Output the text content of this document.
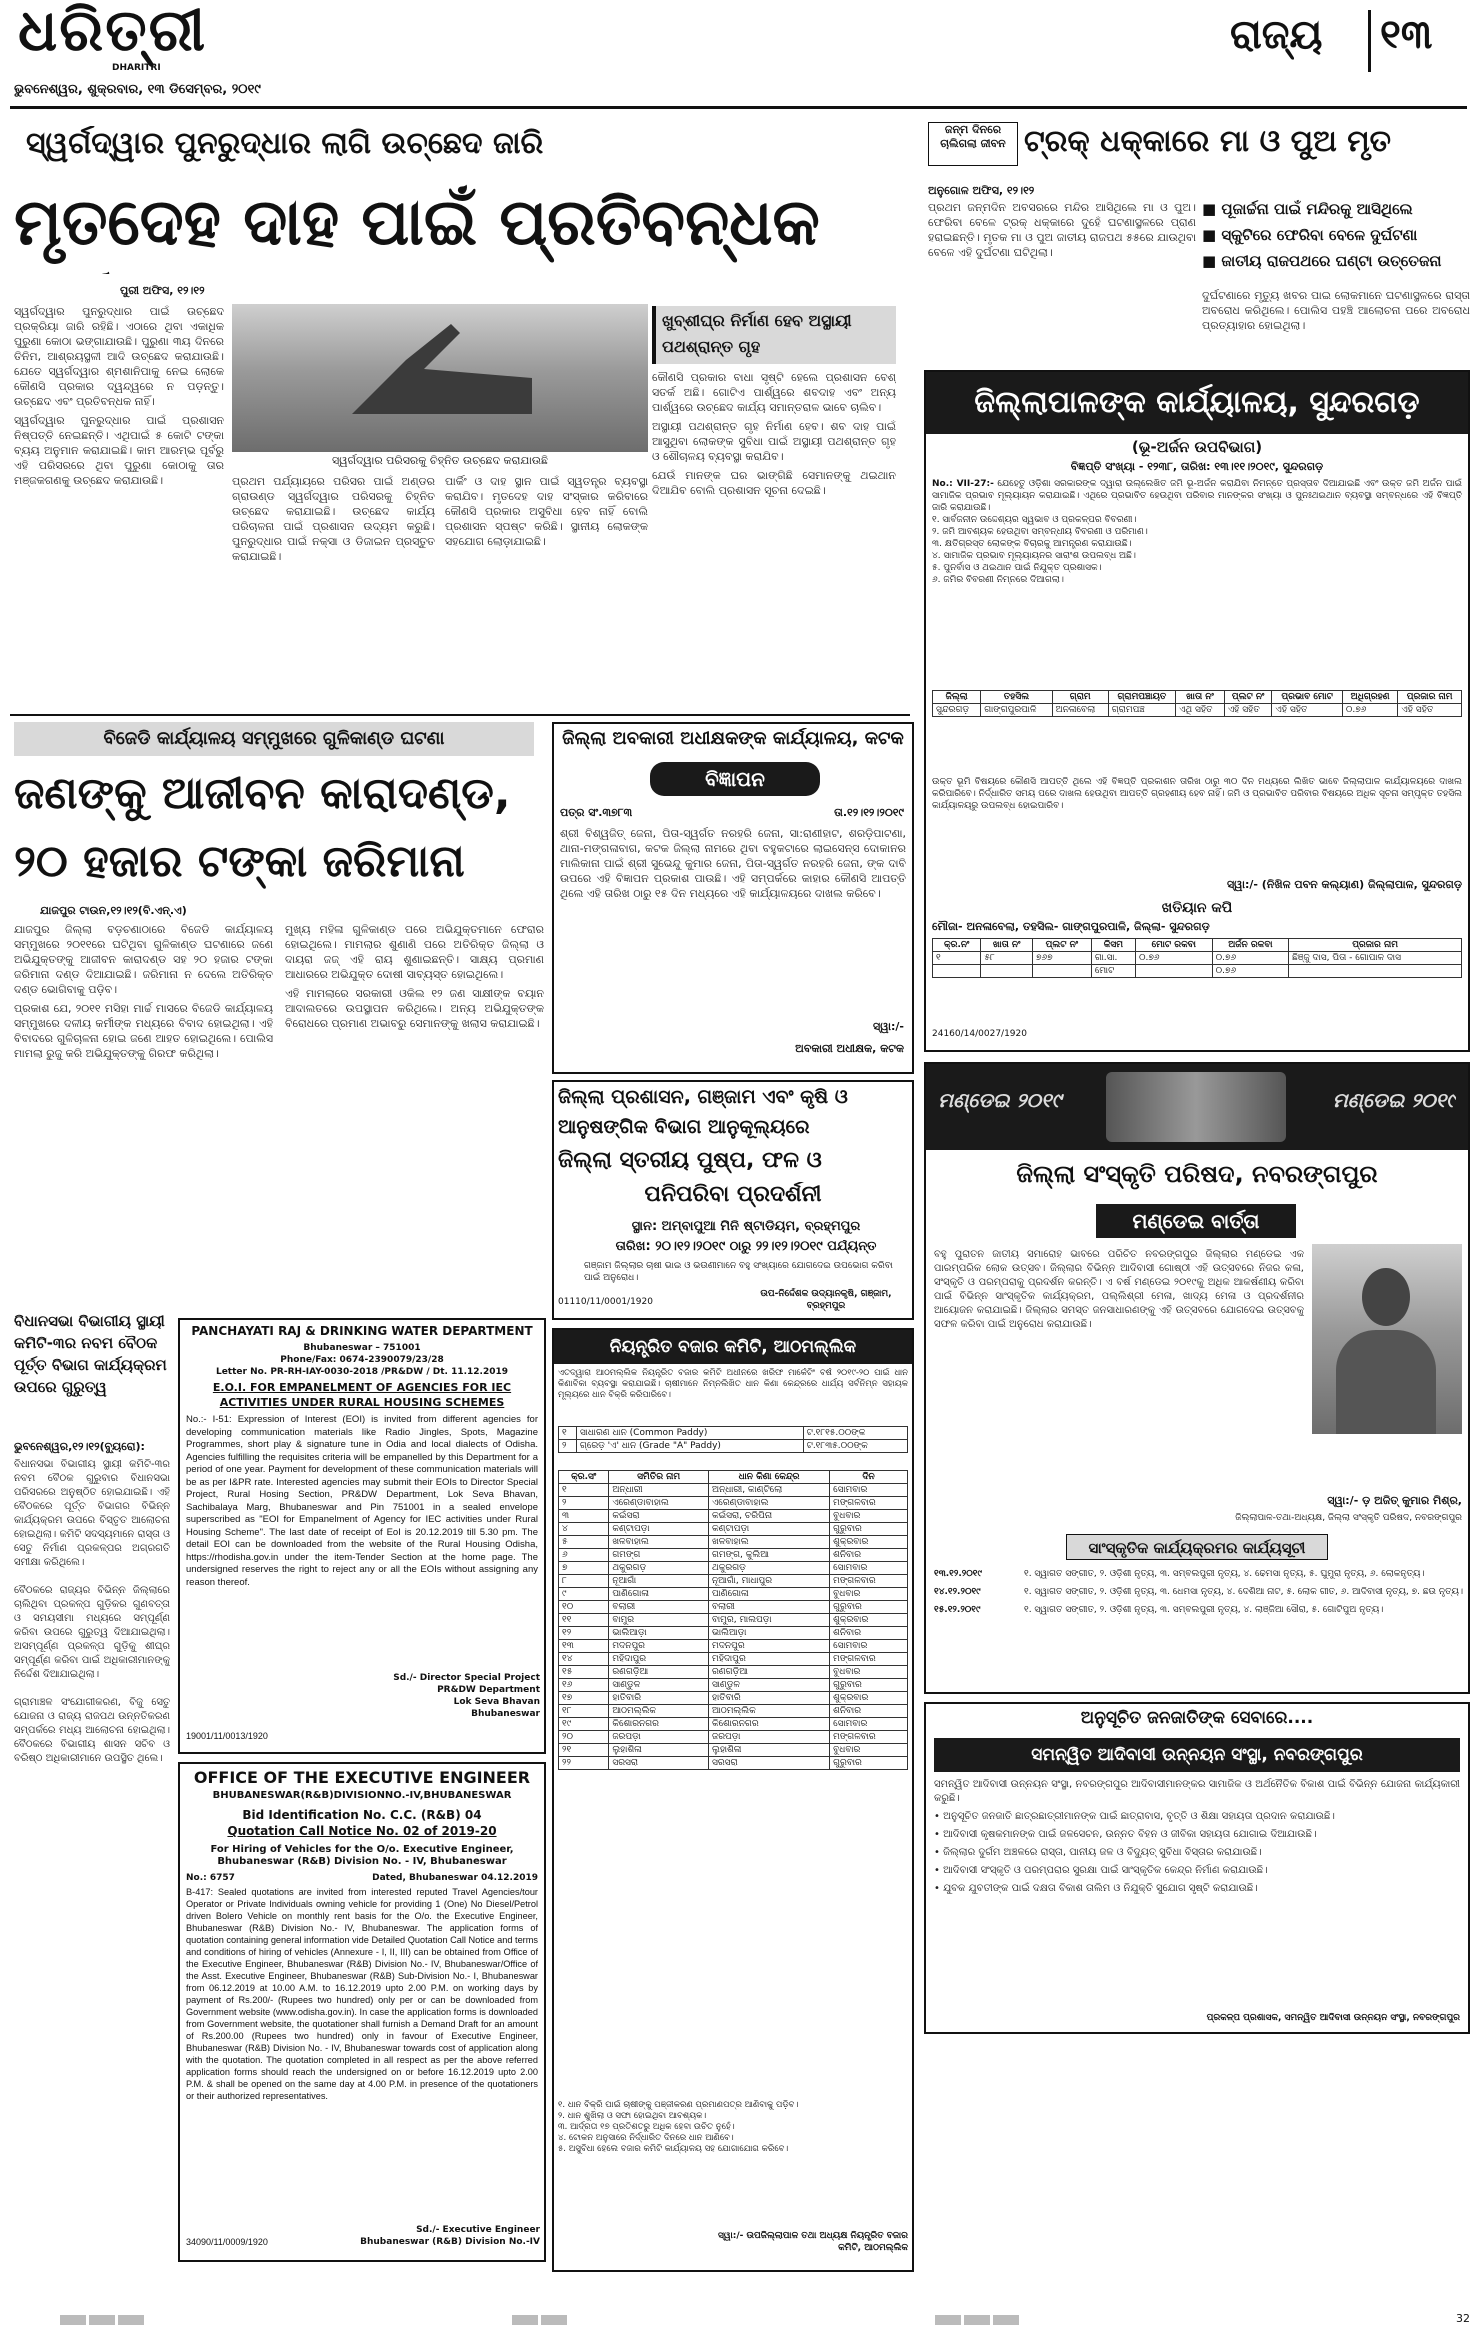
ଧରିତ୍ରୀ
DHARITRI
ଭୁବନେଶ୍ୱର, ଶୁକ୍ରବାର, ୧୩ ଡିସେମ୍ବର, ୨୦୧୯
ରାଜ୍ୟ	୧୩
ସ୍ୱର୍ଗଦ୍ୱାର ପୁନରୁଦ୍ଧାର ଲାଗି ଉଚ୍ଛେଦ ଜାରି
ମୃତଦେହ ଦାହ ପାଇଁ ପ୍ରତିବନ୍ଧକ
ପୁରୀ ଅଫିସ, ୧୨।୧୨

ସ୍ୱର୍ଗଦ୍ୱାର ପୁନରୁଦ୍ଧାର ପାଇଁ ଉଚ୍ଛେଦ ପ୍ରକ୍ରିୟା ଜାରି ରହିଛି। ଏଠାରେ ଥିବା ଏକାଧିକ ପୁରୁଣା କୋଠା ଭଙ୍ଗାଯାଉଛି। ପୁରୁଣା ୩ୟ ଦିନରେ ତିନିମ, ଆଶ୍ରୟସ୍ଥଳୀ ଆଦି ଉଚ୍ଛେଦ କରାଯାଉଛି। ଯେତେ ସ୍ୱର୍ଗଦ୍ୱାର ଶ୍ମଶାନିପାକୁ ନେଇ ଲୋକେ କୌଣସି ପ୍ରକାର ଦ୍ୱନ୍ଦ୍ୱରେ ନ ପଡ଼ନ୍ତୁ। ଉଚ୍ଛେଦ ଏବଂ ପ୍ରତିବନ୍ଧକ ନାହିଁ।

ସ୍ୱର୍ଗଦ୍ୱାର ପୁନରୁଦ୍ଧାର ପାଇଁ ପ୍ରଶାସନ ନିଷ୍ପତ୍ତି ନେଇଛନ୍ତି। ଏଥିପାଇଁ ୫ କୋଟି ଟଙ୍କା ବ୍ୟୟ ଅନୁମାନ କରାଯାଇଛି। କାମ ଆରମ୍ଭ ପୂର୍ବରୁ ଏହି ପରିସରରେ ଥିବା ପୁରୁଣା କୋଠାକୁ ତାର ମଞ୍ଜକଗଣକୁ ଉଚ୍ଛେଦ କରାଯାଉଛି।

ସ୍ୱର୍ଗଦ୍ୱାର ପରିସରକୁ ଚିହ୍ନିତ ଉଚ୍ଛେଦ କରାଯାଉଛି
ଖୁବ୍‌ଶୀଘ୍ର ନିର୍ମାଣ ହେବ ଅସ୍ଥାୟୀ ପଥଶ୍ରାନ୍ତ ଗୃହ

ପ୍ରଥମ ପର୍ଯ୍ୟାୟରେ ପରିସର ପାଇଁ ଅଣ୍ଡର ଗ୍ରାଉଣ୍ଡ ସ୍ୱର୍ଗଦ୍ୱାର ପରିସରକୁ ଚିହ୍ନିତ ଉଚ୍ଛେଦ କରାଯାଇଛି। ଉଚ୍ଛେଦ କାର୍ଯ୍ୟ ପରିଚାଳନା ପାଇଁ ପ୍ରଶାସନ ଉଦ୍ୟମ କରୁଛି। ପୁନରୁଦ୍ଧାର ପାଇଁ ନକ୍ସା ଓ ଡିଜାଇନ ପ୍ରସ୍ତୁତ କରାଯାଇଛି।

ପାର୍କିଂ ଓ ଦାହ ସ୍ଥାନ ପାଇଁ ସ୍ୱତନ୍ତ୍ର ବ୍ୟବସ୍ଥା କରାଯିବ। ମୃତଦେହ ଦାହ ସଂସ୍କାର କରିବାରେ କୌଣସି ପ୍ରକାର ଅସୁବିଧା ହେବ ନାହିଁ ବୋଲି ପ୍ରଶାସନ ସ୍ପଷ୍ଟ କରିଛି। ସ୍ଥାନୀୟ ଲୋକଙ୍କ ସହଯୋଗ ଲୋଡ଼ାଯାଇଛି।

କୌଣସି ପ୍ରକାର ବାଧା ସୃଷ୍ଟି ହେଲେ ପ୍ରଶାସନ ବେଶ୍ ସତର୍କ ଅଛି। ଗୋଟିଏ ପାର୍ଶ୍ୱରେ ଶବଦାହ ଏବଂ ଅନ୍ୟ ପାର୍ଶ୍ୱରେ ଉଚ୍ଛେଦ କାର୍ଯ୍ୟ ସମାନ୍ତରାଳ ଭାବେ ଚାଲିବ।

ଅସ୍ଥାୟୀ ପଥଶ୍ରାନ୍ତ ଗୃହ ନିର୍ମାଣ ହେବ। ଶବ ଦାହ ପାଇଁ ଆସୁଥିବା ଲୋକଙ୍କ ସୁବିଧା ପାଇଁ ଅସ୍ଥାୟୀ ପଥଶ୍ରାନ୍ତ ଗୃହ ଓ ଶୌଚାଳୟ ବ୍ୟବସ୍ଥା କରାଯିବ।

ଯେଉଁ ମାନଙ୍କ ଘର ଭାଙ୍ଗିଛି ସେମାନଙ୍କୁ ଥଇଥାନ ଦିଆଯିବ ବୋଲି ପ୍ରଶାସନ ସୂଚନା ଦେଇଛି।

ଜନ୍ମ ଦିନରେ ଚାଲିଗଲା ଜୀବନ ଟ୍ରକ୍ ଧକ୍କାରେ ମା ଓ ପୁଅ ମୃତ
ଅନୁଗୋଳ ଅଫିସ, ୧୨।୧୨

ପ୍ରଥମ ଜନ୍ମଦିନ ଅବସରରେ ମନ୍ଦିର ଆସିଥିଲେ ମା ଓ ପୁଅ। ଫେରିବା ବେଳେ ଟ୍ରକ୍ ଧକ୍କାରେ ଦୁହେଁ ଘଟଣାସ୍ଥଳରେ ପ୍ରାଣ ହରାଇଛନ୍ତି। ମୃତକ ମା ଓ ପୁଅ ଜାତୀୟ ରାଜପଥ ୫୫ରେ ଯାଉଥିବା ବେଳେ ଏହି ଦୁର୍ଘଟଣା ଘଟିଥିଲା।

■ ପୂଜାର୍ଚ୍ଚନା ପାଇଁ ମନ୍ଦିରକୁ ଆସିଥିଲେ
■ ସ୍କୁଟିରେ ଫେରିବା ବେଳେ ଦୁର୍ଘଟଣା
■ ଜାତୀୟ ରାଜପଥରେ ଘଣ୍ଟା ଉତ୍ତେଜନା

ଦୁର୍ଘଟଣାରେ ମୃତ୍ୟୁ ଖବର ପାଇ ଲୋକମାନେ ଘଟଣାସ୍ଥଳରେ ରାସ୍ତା ଅବରୋଧ କରିଥିଲେ। ପୋଲିସ ପହଞ୍ଚି ଆଲୋଚନା ପରେ ଅବରୋଧ ପ୍ରତ୍ୟାହାର ହୋଇଥିଲା।

ଜିଲ୍ଲାପାଳଙ୍କ କାର୍ଯ୍ୟାଳୟ, ସୁନ୍ଦରଗଡ଼
(ଭୂ-ଅର୍ଜନ ଉପବିଭାଗ)
ବିଜ୍ଞପ୍ତି ସଂଖ୍ୟା - ୧୨୩୮, ତାରିଖ: ୧୩।୧୧।୨୦୧୯, ସୁନ୍ଦରଗଡ଼
No.: VII-27:- ଯେହେତୁ ଓଡ଼ିଶା ସରକାରଙ୍କ ଦ୍ୱାରା ଉଲ୍ଲେଖିତ ଜମି ଭୂ-ଅର୍ଜନ କରାଯିବା ନିମନ୍ତେ ପ୍ରସ୍ତାବ ଦିଆଯାଇଛି ଏବଂ ଉକ୍ତ ଜମି ଅର୍ଜନ ପାଇଁ ସାମାଜିକ ପ୍ରଭାବ ମୂଲ୍ୟାୟନ କରାଯାଇଛି। ଏଥିରେ ପ୍ରଭାବିତ ହେଉଥିବା ପରିବାର ମାନଙ୍କର ସଂଖ୍ୟା ଓ ପୁନଃଥଇଥାନ ବ୍ୟବସ୍ଥା ସମ୍ବନ୍ଧରେ ଏହି ବିଜ୍ଞପ୍ତି ଜାରି କରାଯାଉଛି।
୧. ସାର୍ବଜନୀନ ଉଦ୍ଦେଶ୍ୟର ସ୍ୱଭାବ ଓ ପ୍ରକଳ୍ପର ବିବରଣୀ।
୨. ଜମି ଆବଶ୍ୟକ ହେଉଥିବା ସମ୍ବନ୍ଧୀୟ ବିବରଣୀ ଓ ପରିମାଣ।
୩. କ୍ଷତିଗ୍ରସ୍ତ ଲୋକଙ୍କ ବିଚାରକୁ ଆମନ୍ତ୍ରଣ କରାଯାଉଛି।
୪. ସାମାଜିକ ପ୍ରଭାବ ମୂଲ୍ୟାୟନର ସାରାଂଶ ଉପଲବ୍ଧ ଅଛି।
୫. ପୁନର୍ବାସ ଓ ଥଇଥାନ ପାଇଁ ନିଯୁକ୍ତ ପ୍ରଶାସକ।
୬. ଜମିର ବିବରଣୀ ନିମ୍ନରେ ଦିଆଗଲା।
ଜିଲ୍ଲା	ତହସିଲ	ଗ୍ରାମ	ଗ୍ରାମପଞ୍ଚାୟତ	ଖାତା ନଂ	ପ୍ଲଟ ନଂ	ପ୍ରଭାବ ମୋଟ	ଅଧିଗ୍ରହଣ	ପ୍ରଜାର ନାମ
ସୁନ୍ଦରଗଡ଼	ଗାଙ୍ଗପୁରପାଳି	ଅନଳାବେଲା	ଗ୍ରାମପଞ୍ଚ	ଏଥି ସହିତ	ଏହି ସହିତ	ଏହି ସହିତ	୦.୭୬	ଏହି ସହିତ
ଉକ୍ତ ଭୂମି ବିଷୟରେ କୌଣସି ଆପତ୍ତି ଥିଲେ ଏହି ବିଜ୍ଞପ୍ତି ପ୍ରକାଶନ ତାରିଖ ଠାରୁ ୩୦ ଦିନ ମଧ୍ୟରେ ଲିଖିତ ଭାବେ ଜିଲ୍ଲାପାଳ କାର୍ଯ୍ୟାଳୟରେ ଦାଖଲ କରିପାରିବେ। ନିର୍ଦ୍ଧାରିତ ସମୟ ପରେ ଦାଖଲ ହେଉଥିବା ଆପତ୍ତି ଗ୍ରହଣୀୟ ହେବ ନାହିଁ। ଜମି ଓ ପ୍ରଭାବିତ ପରିବାର ବିଷୟରେ ଅଧିକ ସୂଚନା ସମ୍ପୃକ୍ତ ତହସିଲ କାର୍ଯ୍ୟାଳୟରୁ ଉପଲବ୍ଧ ହୋଇପାରିବ।
ସ୍ୱା:/- (ନିଖିଳ ପବନ କଲ୍ୟାଣ) ଜିଲ୍ଲାପାଳ, ସୁନ୍ଦରଗଡ଼
ଖତିୟାନ କପି
ମୌଜା- ଅନଳାବେଲା, ତହସିଲ- ଗାଙ୍ଗପୁରପାଳି, ଜିଲ୍ଲା- ସୁନ୍ଦରଗଡ଼
କ୍ର.ନଂ	ଖାତା ନଂ	ପ୍ଲଟ ନଂ	କିସମ	ମୋଟ ରକବା	ଅର୍ଜନ ରକବା	ପ୍ରଜାର ନାମ
୧	୫୮	୭୬୭	ଗା.ସା.	୦.୭୬	୦.୭୬	ଛିଞ୍ଜୁ ଦାସ, ପିତା - ଗୋପାଳ ଦାସ
			ମୋଟ		୦.୭୬	
24160/14/0027/1920
ବିଜେଡି କାର୍ଯ୍ୟାଳୟ ସମ୍ମୁଖରେ ଗୁଳିକାଣ୍ଡ ଘଟଣା
ଜଣଙ୍କୁ ଆଜୀବନ କାରାଦଣ୍ଡ,
୨୦ ହଜାର ଟଙ୍କା ଜରିମାନା
ଯାଜପୁର ଟାଉନ,୧୨।୧୨(ବି.ଏନ୍.ଏ)

ଯାଜପୁର ଜିଲ୍ଲା ବଡ଼ଚଣାଠାରେ ବିଜେଡି କାର୍ଯ୍ୟାଳୟ ସମ୍ମୁଖରେ ୨୦୧୧ରେ ଘଟିଥିବା ଗୁଳିକାଣ୍ଡ ଘଟଣାରେ ଜଣେ ଅଭିଯୁକ୍ତଙ୍କୁ ଆଜୀବନ କାରାଦଣ୍ଡ ସହ ୨୦ ହଜାର ଟଙ୍କା ଜରିମାନା ଦଣ୍ଡ ଦିଆଯାଇଛି। ଜରିମାନା ନ ଦେଲେ ଅତିରିକ୍ତ ଦଣ୍ଡ ଭୋଗିବାକୁ ପଡ଼ିବ।

ପ୍ରକାଶ ଯେ, ୨୦୧୧ ମସିହା ମାର୍ଚ୍ଚ ମାସରେ ବିଜେଡି କାର୍ଯ୍ୟାଳୟ ସମ୍ମୁଖରେ ଦଳୀୟ କର୍ମୀଙ୍କ ମଧ୍ୟରେ ବିବାଦ ହୋଇଥିଲା। ଏହି ବିବାଦରେ ଗୁଳିଚାଳନା ହୋଇ ଜଣେ ଆହତ ହୋଇଥିଲେ। ପୋଲିସ ମାମଲା ରୁଜୁ କରି ଅଭିଯୁକ୍ତଙ୍କୁ ଗିରଫ କରିଥିଲା।

ମୁଖ୍ୟ ମହିଳା ଗୁଳିକାଣ୍ଡ ପରେ ଅଭିଯୁକ୍ତମାନେ ଫେରାର ହୋଇଥିଲେ। ମାମଲାର ଶୁଣାଣି ପରେ ଅତିରିକ୍ତ ଜିଲ୍ଲା ଓ ଦାୟରା ଜଜ୍ ଏହି ରାୟ ଶୁଣାଇଛନ୍ତି। ସାକ୍ଷ୍ୟ ପ୍ରମାଣ ଆଧାରରେ ଅଭିଯୁକ୍ତ ଦୋଷୀ ସାବ୍ୟସ୍ତ ହୋଇଥିଲେ।

ଏହି ମାମଲାରେ ସରକାରୀ ଓକିଲ ୧୨ ଜଣ ସାକ୍ଷୀଙ୍କ ବୟାନ ଆଦାଲତରେ ଉପସ୍ଥାପନ କରିଥିଲେ। ଅନ୍ୟ ଅଭିଯୁକ୍ତଙ୍କ ବିରୋଧରେ ପ୍ରମାଣ ଅଭାବରୁ ସେମାନଙ୍କୁ ଖଲାସ କରାଯାଇଛି।

ଜିଲ୍ଲା ଅବକାରୀ ଅଧୀକ୍ଷକଙ୍କ କାର୍ଯ୍ୟାଳୟ, କଟକ
ବିଜ୍ଞାପନ
ପତ୍ର ସଂ.୩୭୮୩	ତା.୧୨।୧୨।୨୦୧୯
ଶ୍ରୀ ବିଶ୍ୱଜିତ୍ ଜେନା, ପିତା-ସ୍ୱର୍ଗତ ନରହରି ଜେନା, ସା:ରାଣୀହାଟ, ଶରଡ଼ିପାଟଣା, ଥାନା-ମଙ୍ଗଳାବାଗ, କଟକ ଜିଲ୍ଲା ନାମରେ ଥିବା ବହୁକଟାରେ ଲାଇସେନ୍ସ ଦୋକାନର ମାଲିକାନା ପାଇଁ ଶ୍ରୀ ସୁଭେନ୍ଦୁ କୁମାର ଜେନା, ପିତା-ସ୍ୱର୍ଗତ ନରହରି ଜେନା, ଙ୍କ ଦାବି ଉପରେ ଏହି ବିଜ୍ଞାପନ ପ୍ରକାଶ ପାଉଛି। ଏହି ସମ୍ପର୍କରେ କାହାର କୌଣସି ଆପତ୍ତି ଥିଲେ ଏହି ତାରିଖ ଠାରୁ ୧୫ ଦିନ ମଧ୍ୟରେ ଏହି କାର୍ଯ୍ୟାଳୟରେ ଦାଖଲ କରିବେ।
ସ୍ୱା:/-
ଅବକାରୀ ଅଧୀକ୍ଷକ, କଟକ
ଜିଲ୍ଲା ପ୍ରଶାସନ, ଗଞ୍ଜାମ ଏବଂ କୃଷି ଓ
ଆନୁଷଙ୍ଗିକ ବିଭାଗ ଆନୁକୂଲ୍ୟରେ
ଜିଲ୍ଲା ସ୍ତରୀୟ ପୁଷ୍ପ, ଫଳ ଓ
ପନିପରିବା ପ୍ରଦର୍ଶନୀ
ସ୍ଥାନ: ଅମ୍ବାପୁଆ ମିନି ଷ୍ଟାଡିୟମ, ବ୍ରହ୍ମପୁର
ତାରିଖ: ୨୦।୧୨।୨୦୧୯ ଠାରୁ ୨୨।୧୨।୨୦୧୯ ପର୍ଯ୍ୟନ୍ତ
ଗଞ୍ଜାମ ଜିଲ୍ଲାର ଚାଷୀ ଭାଇ ଓ ଭଉଣୀମାନେ ବହୁ ସଂଖ୍ୟାରେ ଯୋଗଦେଇ ଉପଭୋଗ କରିବା ପାଇଁ ଅନୁରୋଧ।
01110/11/0001/1920
ଉପ-ନିର୍ଦ୍ଦେଶକ ଉଦ୍ୟାନକୃଷି, ଗଞ୍ଜାମ, ବ୍ରହ୍ମପୁର
ମଣ୍ଡେଇ ୨୦୧୯	ମଣ୍ଡେଇ ୨୦୧୯
ଜିଲ୍ଲା ସଂସ୍କୃତି ପରିଷଦ, ନବରଙ୍ଗପୁର
ମଣ୍ଡେଇ ବାର୍ତ୍ତା
ବହୁ ପୁରାତନ ଜାତୀୟ ସମାରୋହ ଭାବରେ ପରିଚିତ ନବରଙ୍ଗପୁର ଜିଲ୍ଲାର ମଣ୍ଡେଇ ଏକ ପାରମ୍ପରିକ ଲୋକ ଉତ୍ସବ। ଜିଲ୍ଲାର ବିଭିନ୍ନ ଆଦିବାସୀ ଗୋଷ୍ଠୀ ଏହି ଉତ୍ସବରେ ନିଜର କଳା, ସଂସ୍କୃତି ଓ ପରମ୍ପରାକୁ ପ୍ରଦର୍ଶନ କରନ୍ତି। ଏ ବର୍ଷ ମଣ୍ଡେଇ ୨୦୧୯କୁ ଅଧିକ ଆକର୍ଷଣୀୟ କରିବା ପାଇଁ ବିଭିନ୍ନ ସାଂସ୍କୃତିକ କାର୍ଯ୍ୟକ୍ରମ, ପଲ୍ଲିଶ୍ରୀ ମେଳା, ଖାଦ୍ୟ ମେଳା ଓ ପ୍ରଦର୍ଶନୀର ଆୟୋଜନ କରାଯାଇଛି। ଜିଲ୍ଲାର ସମସ୍ତ ଜନସାଧାରଣଙ୍କୁ ଏହି ଉତ୍ସବରେ ଯୋଗଦେଇ ଉତ୍ସବକୁ ସଫଳ କରିବା ପାଇଁ ଅନୁରୋଧ କରାଯାଉଛି।
ସ୍ୱା:/- ଡ଼ ଅଜିତ୍ କୁମାର ମିଶ୍ର,
ଜିଲ୍ଲାପାଳ-ତଥା-ଅଧ୍ୟକ୍ଷ, ଜିଲ୍ଲା ସଂସ୍କୃତି ପରିଷଦ, ନବରଙ୍ଗପୁର
ସାଂସ୍କୃତିକ କାର୍ଯ୍ୟକ୍ରମର କାର୍ଯ୍ୟସୂଚୀ
୧୩.୧୨.୨୦୧୯	୧. ସ୍ୱାଗତ ସଙ୍ଗୀତ, ୨. ଓଡ଼ିଶୀ ନୃତ୍ୟ, ୩. ସମ୍ବଲପୁରୀ ନୃତ୍ୟ, ୪. ଢେମସା ନୃତ୍ୟ, ୫. ଘୁମୁରା ନୃତ୍ୟ, ୬. ଲୋକନୃତ୍ୟ।
୧୪.୧୨.୨୦୧୯	୧. ସ୍ୱାଗତ ସଙ୍ଗୀତ, ୨. ଓଡ଼ିଶୀ ନୃତ୍ୟ, ୩. ଧେମସା ନୃତ୍ୟ, ୪. ଦେଶିଆ ନାଟ, ୫. ଲୋକ ଗୀତ, ୬. ଆଦିବାସୀ ନୃତ୍ୟ, ୭. ଛଉ ନୃତ୍ୟ।
୧୫.୧୨.୨୦୧୯	୧. ସ୍ୱାଗତ ସଙ୍ଗୀତ, ୨. ଓଡ଼ିଶୀ ନୃତ୍ୟ, ୩. ସମ୍ବଲପୁରୀ ନୃତ୍ୟ, ୪. ଲାଞ୍ଜିଆ ସୌରା, ୫. ଗୋଟିପୁଅ ନୃତ୍ୟ।
ଅନୁସୂଚିତ ଜନଜାତିଙ୍କ ସେବାରେ....
ସମନ୍ୱିତ ଆଦିବାସୀ ଉନ୍ନୟନ ସଂସ୍ଥା, ନବରଙ୍ଗପୁର

ସମନ୍ୱିତ ଆଦିବାସୀ ଉନ୍ନୟନ ସଂସ୍ଥା, ନବରଙ୍ଗପୁର ଆଦିବାସୀମାନଙ୍କର ସାମାଜିକ ଓ ଅର୍ଥନୈତିକ ବିକାଶ ପାଇଁ ବିଭିନ୍ନ ଯୋଜନା କାର୍ଯ୍ୟକାରୀ କରୁଛି।

• ଅନୁସୂଚିତ ଜନଜାତି ଛାତ୍ରଛାତ୍ରୀମାନଙ୍କ ପାଇଁ ଛାତ୍ରାବାସ, ବୃତ୍ତି ଓ ଶିକ୍ଷା ସହାୟତା ପ୍ରଦାନ କରାଯାଉଛି।

• ଆଦିବାସୀ କୃଷକମାନଙ୍କ ପାଇଁ ଜଳସେଚନ, ଉନ୍ନତ ବିହନ ଓ ଜୀବିକା ସହାୟତା ଯୋଗାଇ ଦିଆଯାଉଛି।

• ଜିଲ୍ଲାର ଦୁର୍ଗମ ଅଞ୍ଚଳରେ ରାସ୍ତା, ପାନୀୟ ଜଳ ଓ ବିଦ୍ୟୁତ୍ ସୁବିଧା ବିସ୍ତାର କରାଯାଉଛି।

• ଆଦିବାସୀ ସଂସ୍କୃତି ଓ ପରମ୍ପରାର ସୁରକ୍ଷା ପାଇଁ ସାଂସ୍କୃତିକ କେନ୍ଦ୍ର ନିର୍ମାଣ କରାଯାଉଛି।

• ଯୁବକ ଯୁବତୀଙ୍କ ପାଇଁ ଦକ୍ଷତା ବିକାଶ ତାଲିମ ଓ ନିଯୁକ୍ତି ସୁଯୋଗ ସୃଷ୍ଟି କରାଯାଉଛି।

ପ୍ରକଳ୍ପ ପ୍ରଶାସକ, ସମନ୍ୱିତ ଆଦିବାସୀ ଉନ୍ନୟନ ସଂସ୍ଥା, ନବରଙ୍ଗପୁର
ବିଧାନସଭା ବିଭାଗୀୟ ସ୍ଥାୟୀ କମିଟି-୩ର ନବମ ବୈଠକ ପୂର୍ତ୍ତ ବିଭାଗ କାର୍ଯ୍ୟକ୍ରମ ଉପରେ ଗୁରୁତ୍ୱ
ଭୁବନେଶ୍ୱର,୧୨।୧୨(ବ୍ୟୁରୋ):
ବିଧାନସଭା ବିଭାଗୀୟ ସ୍ଥାୟୀ କମିଟି-୩ର ନବମ ବୈଠକ ଗୁରୁବାର ବିଧାନସଭା ପରିସରରେ ଅନୁଷ୍ଠିତ ହୋଇଯାଇଛି। ଏହି ବୈଠକରେ ପୂର୍ତ୍ତ ବିଭାଗର ବିଭିନ୍ନ କାର୍ଯ୍ୟକ୍ରମ ଉପରେ ବିସ୍ତୃତ ଆଲୋଚନା ହୋଇଥିଲା। କମିଟି ସଦସ୍ୟମାନେ ରାସ୍ତା ଓ ସେତୁ ନିର୍ମାଣ ପ୍ରକଳ୍ପର ଅଗ୍ରଗତି ସମୀକ୍ଷା କରିଥିଲେ।

ବୈଠକରେ ରାଜ୍ୟର ବିଭିନ୍ନ ଜିଲ୍ଲାରେ ଚାଲିଥିବା ପ୍ରକଳ୍ପ ଗୁଡ଼ିକର ଗୁଣବତ୍ତା ଓ ସମୟସୀମା ମଧ୍ୟରେ ସମ୍ପୂର୍ଣ୍ଣ କରିବା ଉପରେ ଗୁରୁତ୍ୱ ଦିଆଯାଇଥିଲା। ଅସମ୍ପୂର୍ଣ୍ଣ ପ୍ରକଳ୍ପ ଗୁଡ଼ିକୁ ଶୀଘ୍ର ସମ୍ପୂର୍ଣ୍ଣ କରିବା ପାଇଁ ଅଧିକାରୀମାନଙ୍କୁ ନିର୍ଦ୍ଦେଶ ଦିଆଯାଇଥିଲା।

ଗ୍ରାମାଞ୍ଚଳ ସଂଯୋଗୀକରଣ, ବିଜୁ ସେତୁ ଯୋଜନା ଓ ରାଜ୍ୟ ରାଜପଥ ଉନ୍ନତିକରଣ ସମ୍ପର୍କରେ ମଧ୍ୟ ଆଲୋଚନା ହୋଇଥିଲା। ବୈଠକରେ ବିଭାଗୀୟ ଶାସନ ସଚିବ ଓ ବରିଷ୍ଠ ଅଧିକାରୀମାନେ ଉପସ୍ଥିତ ଥିଲେ।
PANCHAYATI RAJ & DRINKING WATER DEPARTMENT
Bhubaneswar – 751001
Phone/Fax: 0674-2390079/23/28
Letter No. PR-RH-IAY-0030-2018 /PR&DW / Dt. 11.12.2019
E.O.I. FOR EMPANELMENT OF AGENCIES FOR IEC ACTIVITIES UNDER RURAL HOUSING SCHEMES
No.:- I-51: Expression of Interest (EOI) is invited from different agencies for developing communication materials like Radio Jingles, Spots, Magazine Programmes, short play & signature tune in Odia and local dialects of Odisha. Agencies fulfilling the requisites criteria will be empanelled by this Department for a period of one year. Payment for development of these communication materials will be as per I&PR rate. Interested agencies may submit their EOIs to Director Special Project, Rural Hosing Section, PR&DW Department, Lok Seva Bhavan, Sachibalaya Marg, Bhubaneswar and Pin 751001 in a sealed envelope superscribed as "EOI for Empanelment of Agency for IEC activities under Rural Housing Scheme". The last date of receipt of EoI is 20.12.2019 till 5.30 pm. The detail EOI can be downloaded from the website of the Rural Housing Odisha, https://rhodisha.gov.in under the item-Tender Section at the home page. The undersigned reserves the right to reject any or all the EOIs without assigning any reason thereof.
Sd./- Director Special Project
PR&DW Department
Lok Seva Bhavan
Bhubaneswar
19001/11/0013/1920
OFFICE OF THE EXECUTIVE ENGINEER
BHUBANESWAR(R&B)DIVISIONNO.-IV,BHUBANESWAR
Bid Identification No. C.C. (R&B) 04
Quotation Call Notice No. 02 of 2019-20
For Hiring of Vehicles for the O/o. Executive Engineer, Bhubaneswar (R&B) Division No. - IV, Bhubaneswar
No.: 6757	Dated, Bhubaneswar 04.12.2019
B-417: Sealed quotations are invited from interested reputed Travel Agencies/tour Operator or Private Individuals owning vehicle for providing 1 (One) No Diesel/Petrol driven Bolero Vehicle on monthly rent basis for the O/o. the Executive Engineer, Bhubaneswar (R&B) Division No.- IV, Bhubaneswar. The application forms of quotation containing general information vide Detailed Quotation Call Notice and terms and conditions of hiring of vehicles (Annexure - I, II, III) can be obtained from Office of the Executive Engineer, Bhubaneswar (R&B) Division No.- IV, Bhubaneswar/Office of the Asst. Executive Engineer, Bhubaneswar (R&B) Sub-Division No.- I, Bhubaneswar from 06.12.2019 at 10.00 A.M. to 16.12.2019 upto 2.00 P.M. on working days by payment of Rs.200/- (Rupees two hundred) only per or can be downloaded from Government website (www.odisha.gov.in). In case the application forms is downloaded from Government website, the quotationer shall furnish a Demand Draft for an amount of Rs.200.00 (Rupees two hundred) only in favour of Executive Engineer, Bhubaneswar (R&B) Division No. - IV, Bhubaneswar towards cost of application along with the quotation. The quotation completed in all respect as per the above referred application forms should reach the undersigned on or before 16.12.2019 upto 2.00 P.M. & shall be opened on the same day at 4.00 P.M. in presence of the quotationers or their authorized representatives.
Sd./- Executive Engineer
Bhubaneswar (R&B) Division No.-IV
34090/11/0009/1920
ନିୟନ୍ତ୍ରିତ ବଜାର କମିଟି, ଆଠମଲ୍ଲିକ
ଏତଦ୍ୱାରା ଆଠମଲ୍ଲିକ ନିୟନ୍ତ୍ରିତ ବଜାର କମିଟି ଅଧୀନରେ ଖରିଫ ମାର୍କେଟିଂ ବର୍ଷ ୨୦୧୯-୨୦ ପାଇଁ ଧାନ କିଣାବିକା ବ୍ୟବସ୍ଥା କରାଯାଇଛି। ଚାଷୀମାନେ ନିମ୍ନଲିଖିତ ଧାନ କିଣା କେନ୍ଦ୍ରରେ ଧାର୍ଯ୍ୟ ସର୍ବନିମ୍ନ ସହାୟକ ମୂଲ୍ୟରେ ଧାନ ବିକ୍ରି କରିପାରିବେ।
୧	ସାଧାରଣ ଧାନ (Common Paddy)	ଟ.୧୮୧୫.୦୦ଙ୍କ
୨	ଗ୍ରେଡ଼ 'ଏ' ଧାନ (Grade "A" Paddy)	ଟ.୧୮୩୫.୦୦ଙ୍କ
କ୍ର.ସଂ	ସମିତିର ନାମ	ଧାନ କିଣା କେନ୍ଦ୍ର	ଦିନ
୧	ଅନ୍ଧାରୀ	ଅନ୍ଧାରୀ, କାଣ୍ଟିଲୋ	ସୋମବାର
୨	ଏରେଣ୍ଡାବାହାଲ	ଏରେଣ୍ଡାବାହାଲ	ମଙ୍ଗଳବାର
୩	କଇଁସରା	କଇଁସରା, ଚରିପିନା	ବୁଧବାର
୪	କଣ୍ଟାପଡ଼ା	କଣ୍ଟାପଡ଼ା	ଗୁରୁବାର
୫	ଖଳବାହାଲ	ଖଳବାହାଲ	ଶୁକ୍ରବାର
୬	ଗମଙ୍ଗ	ଗମଙ୍ଗ, କୁଲିଆ	ଶନିବାର
୭	ଥକୁରଗଡ଼	ଥକୁରଗଡ଼	ସୋମବାର
୮	ନୂଆଗାଁ	ନୂଆଗାଁ, ମାଧାପୁର	ମଙ୍ଗଳବାର
୯	ପାଣିଗୋଳା	ପାଣିଗୋଳା	ବୁଧବାର
୧୦	ବଲାରୀ	ବଲାରୀ	ଗୁରୁବାର
୧୧	ବାମୁର	ବାମୁର, ମାଲପଡ଼ା	ଶୁକ୍ରବାର
୧୨	ଭାଲିଆଡ଼ା	ଭାଲିଆଡ଼ା	ଶନିବାର
୧୩	ମଦନପୁର	ମଦନପୁର	ସୋମବାର
୧୪	ମହିଦାପୁର	ମହିଦାପୁର	ମଙ୍ଗଳବାର
୧୫	ରଣଗଡ଼ିଆ	ରଣଗଡ଼ିଆ	ବୁଧବାର
୧୬	ସାଣ୍ଡୁଳ	ସାଣ୍ଡୁଳ	ଗୁରୁବାର
୧୭	ହାତିବାରି	ହାତିବାରି	ଶୁକ୍ରବାର
୧୮	ଆଠମଲ୍ଲିକ	ଆଠମଲ୍ଲିକ	ଶନିବାର
୧୯	କିଶୋରନଗର	କିଶୋରନଗର	ସୋମବାର
୨୦	ଜରପଡ଼ା	ଜରପଡ଼ା	ମଙ୍ଗଳବାର
୨୧	ଲୁହାଶିଳା	ଲୁହାଶିଳା	ବୁଧବାର
୨୨	ସରସରା	ସରସରା	ଗୁରୁବାର
୧. ଧାନ ବିକ୍ରି ପାଇଁ ଚାଷୀଙ୍କୁ ପଞ୍ଜୀକରଣ ପ୍ରମାଣପତ୍ର ଆଣିବାକୁ ପଡ଼ିବ।
୨. ଧାନ ଶୁଖିଲା ଓ ସଫା ହୋଇଥିବା ଆବଶ୍ୟକ।
୩. ଆର୍ଦ୍ରତା ୧୭ ପ୍ରତିଶତରୁ ଅଧିକ ହେବା ଉଚିତ ନୁହେଁ।
୪. ଟୋକନ ଅନୁସାରେ ନିର୍ଦ୍ଧାରିତ ଦିନରେ ଧାନ ଆଣିବେ।
୫. ଅସୁବିଧା ହେଲେ ବଜାର କମିଟି କାର୍ଯ୍ୟାଳୟ ସହ ଯୋଗାଯୋଗ କରିବେ।
ସ୍ୱା:/- ଉପଜିଲ୍ଲାପାଳ ତଥା ଅଧ୍ୟକ୍ଷ ନିୟନ୍ତ୍ରିତ ବଜାର କମିଟି, ଆଠମଲ୍ଲିକ

32
